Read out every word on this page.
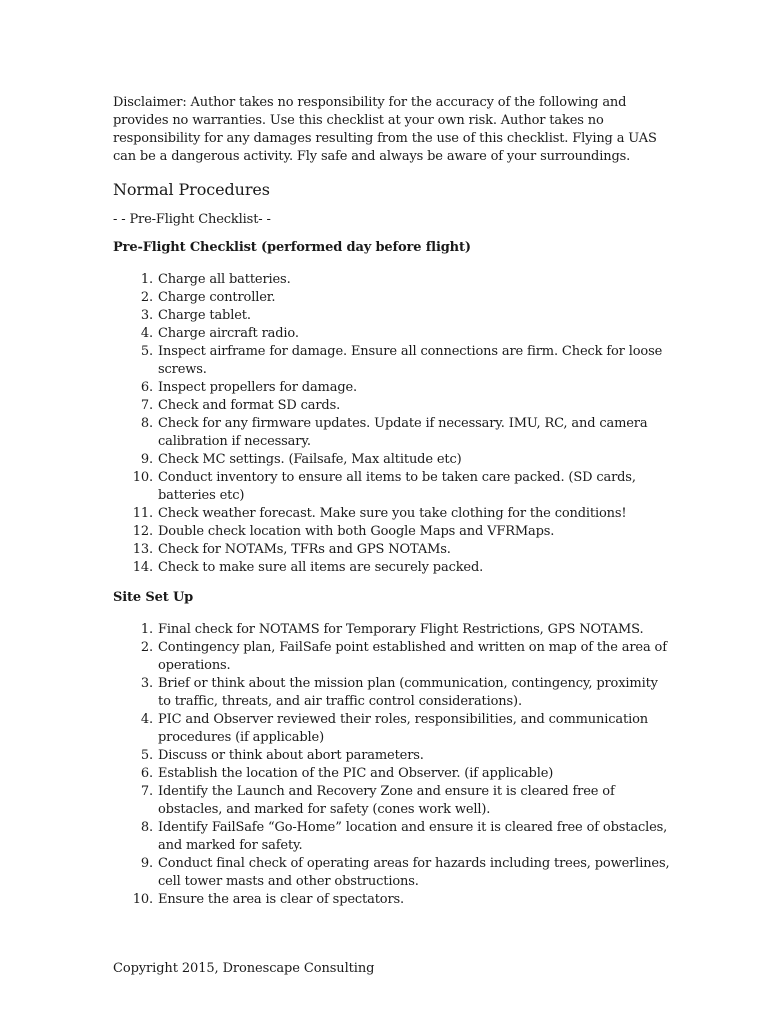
Disclaimer: Author takes no responsibility for the accuracy of the following and provides no warranties. Use this checklist at your own risk. Author takes no responsibility for any damages resulting from the use of this checklist. Flying a UAS can be a dangerous activity. Fly safe and always be aware of your surroundings.

Normal Procedures

- - Pre-Flight Checklist- -

Pre-Flight Checklist (performed day before flight)

1. Charge all batteries.
2. Charge controller.
3. Charge tablet.
4. Charge aircraft radio.
5. Inspect airframe for damage. Ensure all connections are firm. Check for loose screws.
6. Inspect propellers for damage.
7. Check and format SD cards.
8. Check for any firmware updates. Update if necessary. IMU, RC, and camera calibration if necessary.
9. Check MC settings. (Failsafe, Max altitude etc)
10. Conduct inventory to ensure all items to be taken care packed. (SD cards, batteries etc)
11. Check weather forecast. Make sure you take clothing for the conditions!
12. Double check location with both Google Maps and VFRMaps.
13. Check for NOTAMs, TFRs and GPS NOTAMs.
14. Check to make sure all items are securely packed.

Site Set Up

1. Final check for NOTAMS for Temporary Flight Restrictions, GPS NOTAMS.
2. Contingency plan, FailSafe point established and written on map of the area of operations.
3. Brief or think about the mission plan (communication, contingency, proximity to traffic, threats, and air traffic control considerations).
4. PIC and Observer reviewed their roles, responsibilities, and communication procedures (if applicable)
5. Discuss or think about abort parameters.
6. Establish the location of the PIC and Observer. (if applicable)
7. Identify the Launch and Recovery Zone and ensure it is cleared free of obstacles, and marked for safety (cones work well).
8. Identify FailSafe “Go-Home” location and ensure it is cleared free of obstacles, and marked for safety.
9. Conduct final check of operating areas for hazards including trees, powerlines, cell tower masts and other obstructions.
10. Ensure the area is clear of spectators.
Copyright 2015, Dronescape Consulting
